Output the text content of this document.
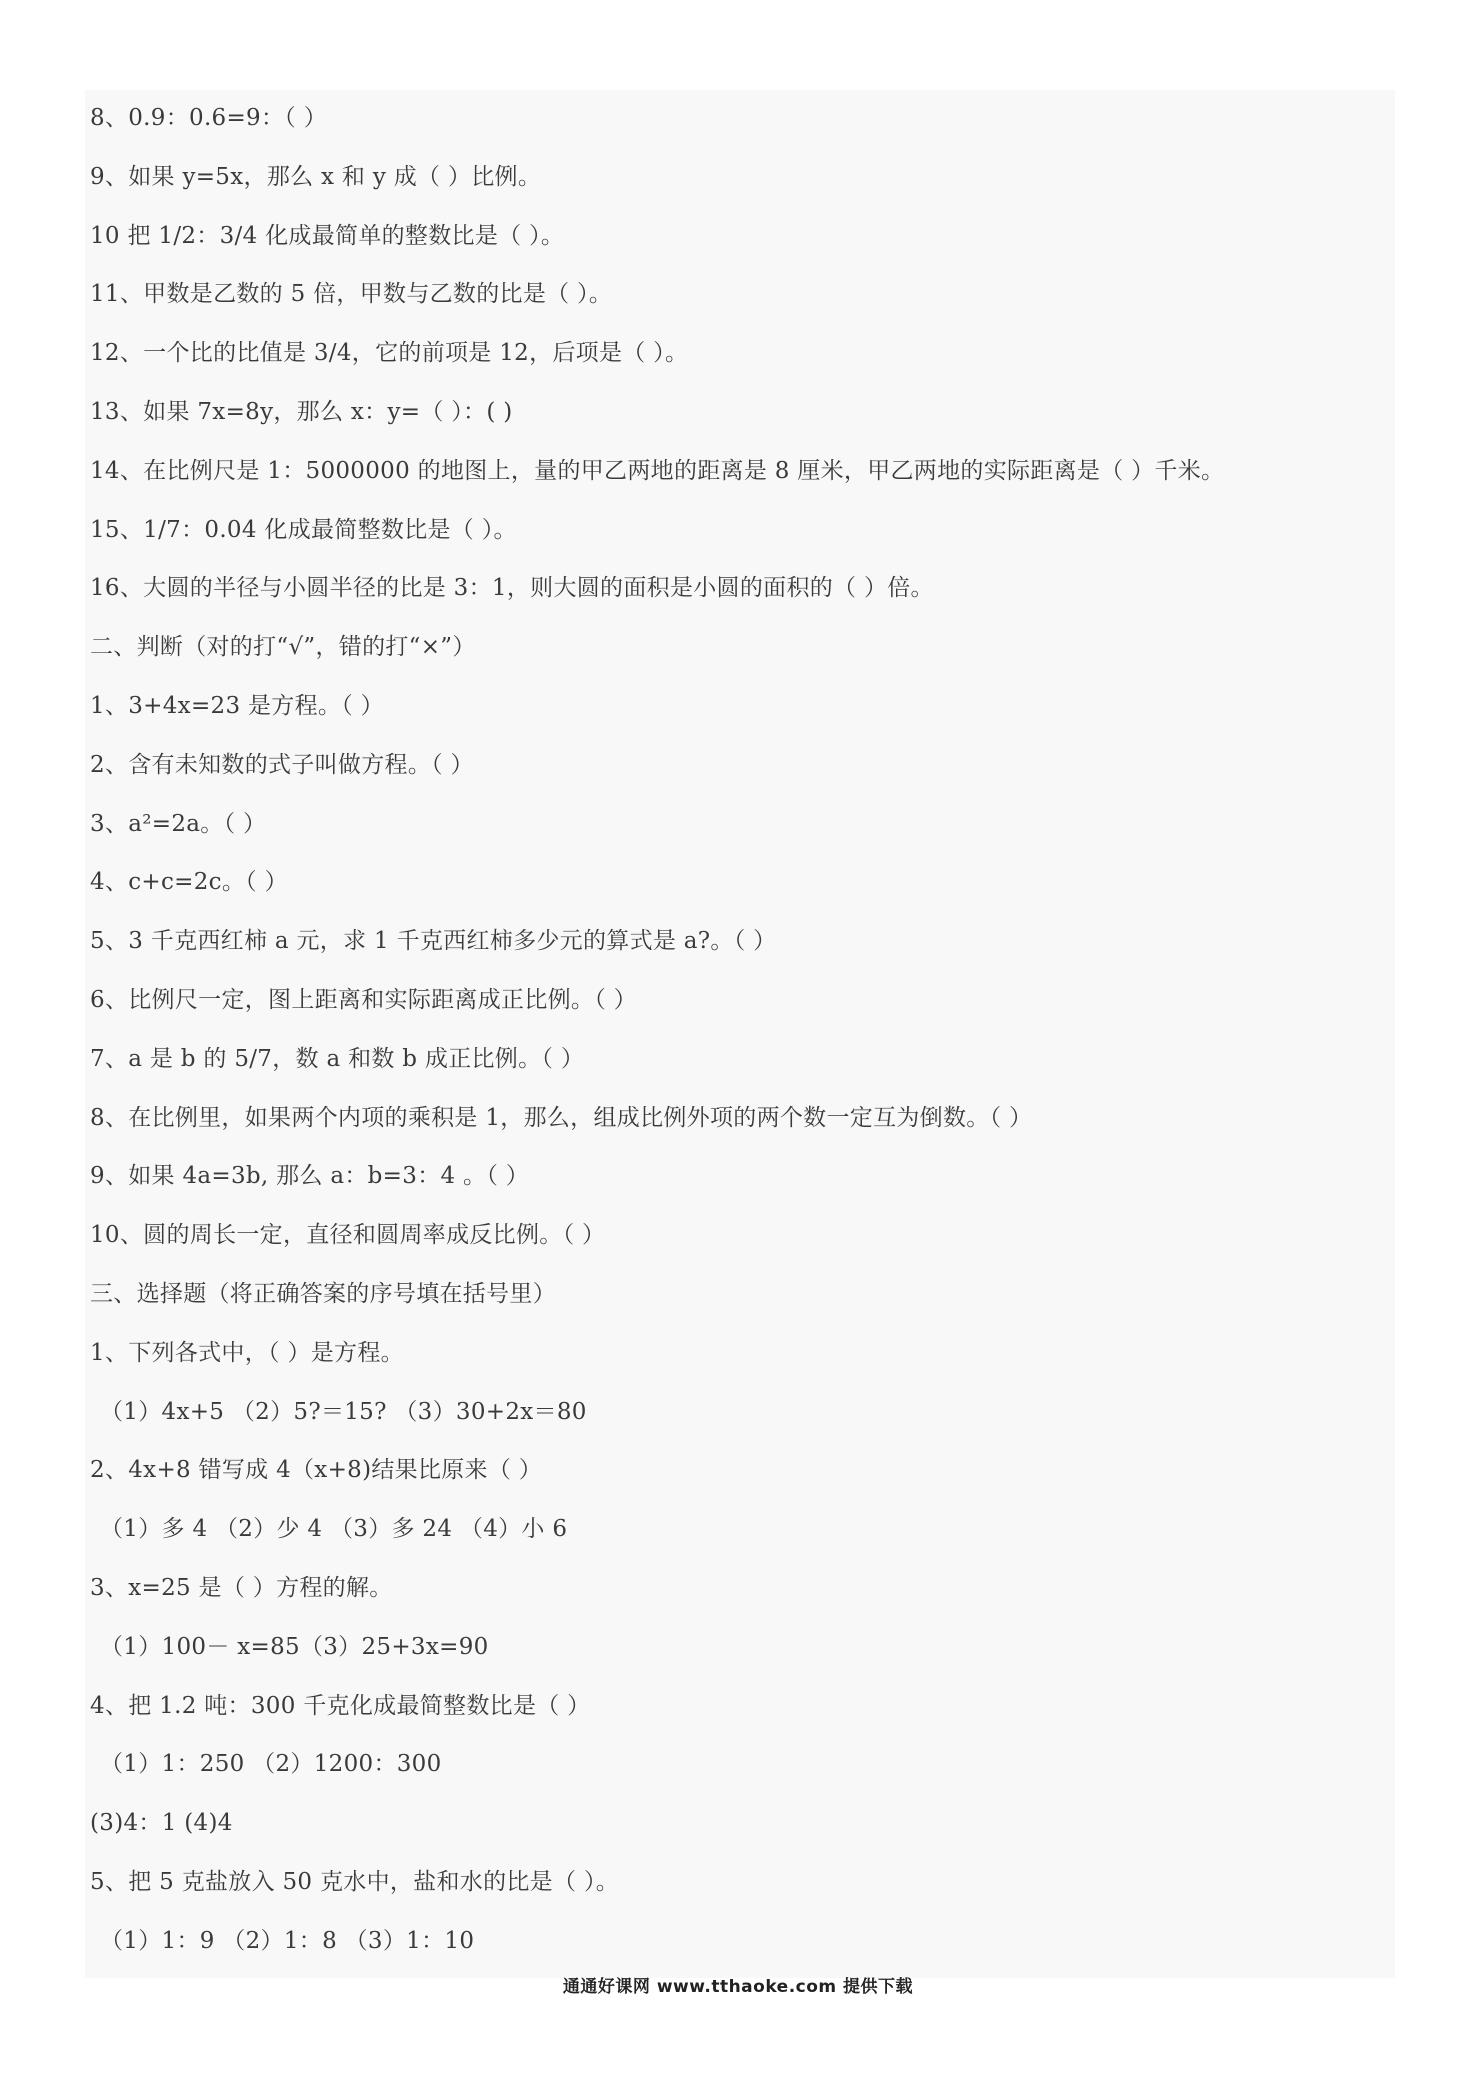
8、0.9：0.6=9：（ ）
9、如果 y=5x，那么 x 和 y 成（ ）比例。
10 把 1/2：3/4 化成最简单的整数比是（ ）。
11、甲数是乙数的 5 倍，甲数与乙数的比是（ ）。
12、一个比的比值是 3/4，它的前项是 12，后项是（ ）。
13、如果 7x=8y，那么 x：y=（ ）：( )
14、在比例尺是 1：5000000 的地图上，量的甲乙两地的距离是 8 厘米，甲乙两地的实际距离是（ ）千米。
15、1/7：0.04 化成最简整数比是（ ）。
16、大圆的半径与小圆半径的比是 3：1，则大圆的面积是小圆的面积的（ ）倍。
二、判断（对的打“√”，错的打“×”）
1、3+4x=23 是方程。（ ）
2、含有未知数的式子叫做方程。（ ）
3、a²=2a。（ ）
4、c+c=2c。（ ）
5、3 千克西红柿 a 元，求 1 千克西红柿多少元的算式是 a?。（ ）
6、比例尺一定，图上距离和实际距离成正比例。（ ）
7、a 是 b 的 5/7，数 a 和数 b 成正比例。（ ）
8、在比例里，如果两个内项的乘积是 1，那么，组成比例外项的两个数一定互为倒数。（ ）
9、如果 4a=3b, 那么 a：b=3：4 。（ ）
10、圆的周长一定，直径和圆周率成反比例。（ ）
三、选择题（将正确答案的序号填在括号里）
1、下列各式中，（ ）是方程。
（1）4x+5 （2）5?＝15? （3）30+2x＝80
2、4x+8 错写成 4（x+8)结果比原来（ ）
（1）多 4 （2）少 4 （3）多 24 （4）小 6
3、x=25 是（ ）方程的解。
（1）100－ x=85（3）25+3x=90
4、把 1.2 吨：300 千克化成最简整数比是（ ）
（1）1：250 （2）1200：300
(3)4：1 (4)4
5、把 5 克盐放入 50 克水中，盐和水的比是（ ）。
（1）1：9 （2）1：8 （3）1：10
通通好课网 www.tthaoke.com 提供下载
